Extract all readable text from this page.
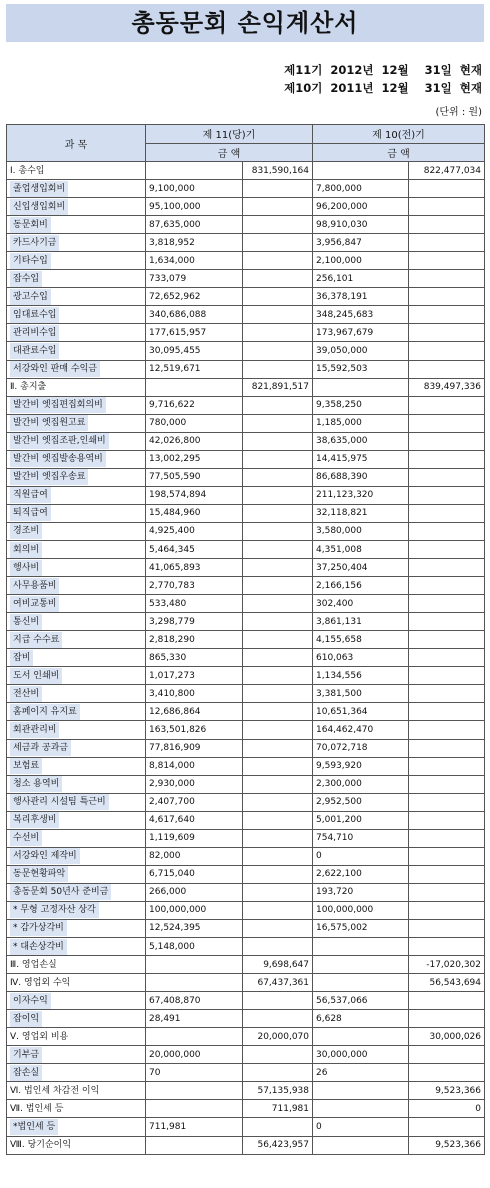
총동문회 손익계산서
제11기  2012년  12월    31일  현재
제10기  2011년  12월    31일  현재
(단위 : 원)
과 목	제 11(당)기		제 10(전)기	
	금 액		금 액	
Ⅰ. 총수입		831,590,164		822,477,034
졸업생입회비	9,100,000		7,800,000	
신입생입회비	95,100,000		96,200,000	
동문회비	87,635,000		98,910,030	
카드사기금	3,818,952		3,956,847	
기타수입	1,634,000		2,100,000	
잡수입	733,079		256,101	
광고수입	72,652,962		36,378,191	
임대료수입	340,686,088		348,245,683	
관리비수입	177,615,957		173,967,679	
대관료수입	30,095,455		39,050,000	
서강와인 판매 수익금	12,519,671		15,592,503	
Ⅱ. 총지출		821,891,517		839,497,336
발간비 엣집편집회의비	9,716,622		9,358,250	
발간비 엣집원고료	780,000		1,185,000	
발간비 엣집조판,인쇄비	42,026,800		38,635,000	
발간비 엣집발송용역비	13,002,295		14,415,975	
발간비 엣집우송료	77,505,590		86,688,390	
직원급여	198,574,894		211,123,320	
퇴직급여	15,484,960		32,118,821	
경조비	4,925,400		3,580,000	
회의비	5,464,345		4,351,008	
행사비	41,065,893		37,250,404	
사무용품비	2,770,783		2,166,156	
여비교통비	533,480		302,400	
통신비	3,298,779		3,861,131	
지급 수수료	2,818,290		4,155,658	
잡비	865,330		610,063	
도서 인쇄비	1,017,273		1,134,556	
전산비	3,410,800		3,381,500	
홈페이지 유지료	12,686,864		10,651,364	
회관관리비	163,501,826		164,462,470	
세금과 공과금	77,816,909		70,072,718	
보험료	8,814,000		9,593,920	
청소 용역비	2,930,000		2,300,000	
행사관리 시설팀 특근비	2,407,700		2,952,500	
복리후생비	4,617,640		5,001,200	
수선비	1,119,609		754,710	
서강와인 제작비	82,000		0	
동문현황파악	6,715,040		2,622,100	
총동문회 50년사 준비금	266,000		193,720	
* 무형 고정자산 상각	100,000,000		100,000,000	
* 감가상각비	12,524,395		16,575,002	
* 대손상각비	5,148,000			
Ⅲ. 영업손실		9,698,647		-17,020,302
Ⅳ. 영업외 수익		67,437,361		56,543,694
이자수익	67,408,870		56,537,066	
잡이익	28,491		6,628	
Ⅴ. 영업외 비용		20,000,070		30,000,026
기부금	20,000,000		30,000,000	
잡손실	70		26	
Ⅵ. 법인세 차감전 이익		57,135,938		9,523,366
Ⅶ. 법인세 등		711,981		0
*법인세 등	711,981		0	
Ⅷ. 당기순이익		56,423,957		9,523,366
